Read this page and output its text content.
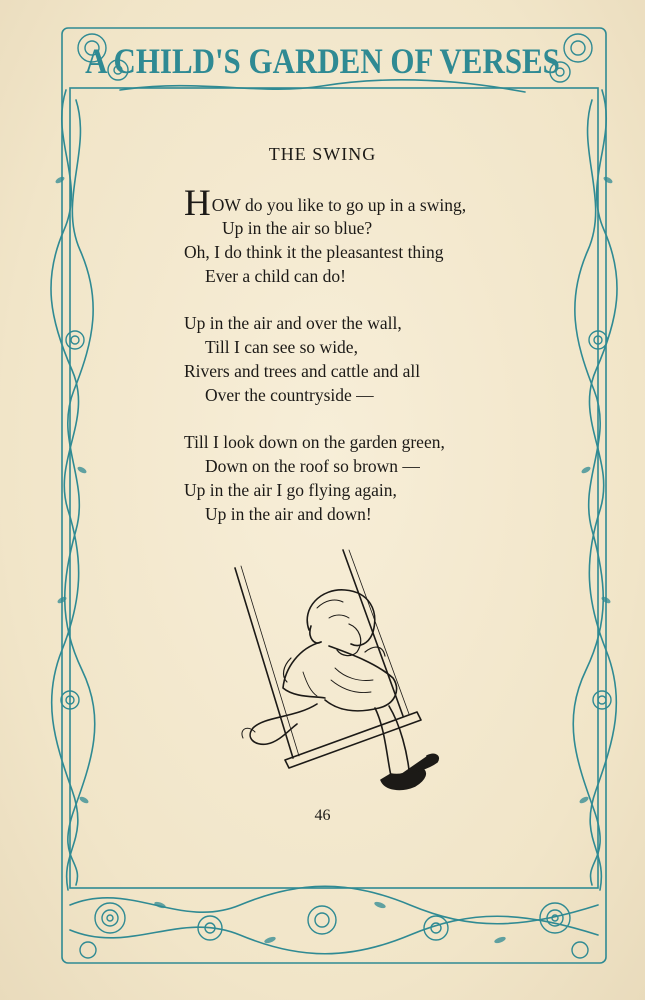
A CHILD'S GARDEN OF VERSES
THE SWING
HOW do you like to go up in a swing,
Up in the air so blue?
Oh, I do think it the pleasantest thing
Ever a child can do!
Up in the air and over the wall,
Till I can see so wide,
Rivers and trees and cattle and all
Over the countryside —
Till I look down on the garden green,
Down on the roof so brown —
Up in the air I go flying again,
Up in the air and down!
46
